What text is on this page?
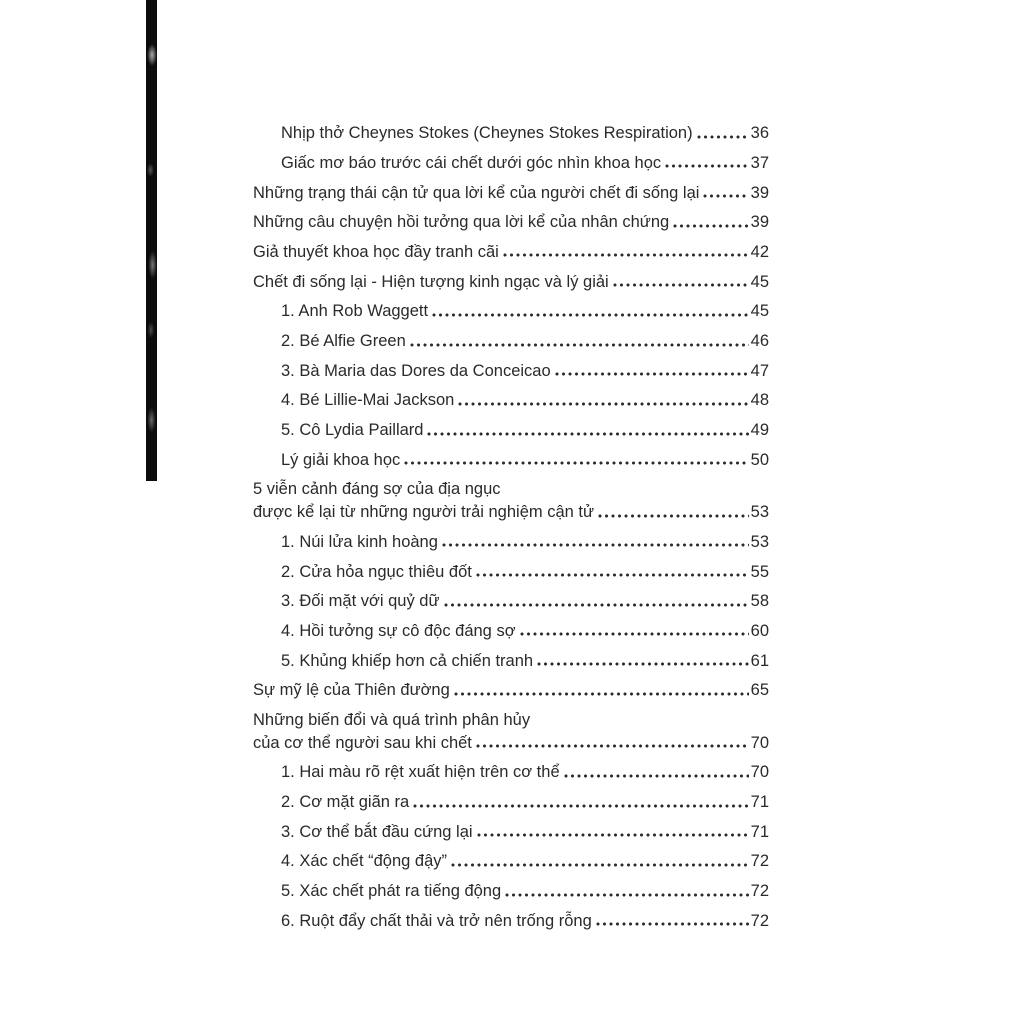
Nhịp thở Cheynes Stokes (Cheynes Stokes Respiration)	36
Giấc mơ báo trước cái chết dưới góc nhìn khoa học	37
Những trạng thái cận tử qua lời kể của người chết đi sống lại	39
Những câu chuyện hồi tưởng qua lời kể của nhân chứng	39
Giả thuyết khoa học đầy tranh cãi	42
Chết đi sống lại - Hiện tượng kinh ngạc và lý giải	45
1. Anh Rob Waggett	45
2. Bé Alfie Green	46
3. Bà Maria das Dores da Conceicao	47
4. Bé Lillie-Mai Jackson	48
5. Cô Lydia Paillard	49
Lý giải khoa học	50
5 viễn cảnh đáng sợ của địa ngục
được kể lại từ những người trải nghiệm cận tử	53
1. Núi lửa kinh hoàng	53
2. Cửa hỏa ngục thiêu đốt	55
3. Đối mặt với quỷ dữ	58
4. Hồi tưởng sự cô độc đáng sợ	60
5. Khủng khiếp hơn cả chiến tranh	61
Sự mỹ lệ của Thiên đường	65
Những biến đổi và quá trình phân hủy
của cơ thể người sau khi chết	70
1. Hai màu rõ rệt xuất hiện trên cơ thể	70
2. Cơ mặt giãn ra	71
3. Cơ thể bắt đầu cứng lại	71
4. Xác chết “động đậy”	72
5. Xác chết phát ra tiếng động	72
6. Ruột đẩy chất thải và trở nên trống rỗng	72
